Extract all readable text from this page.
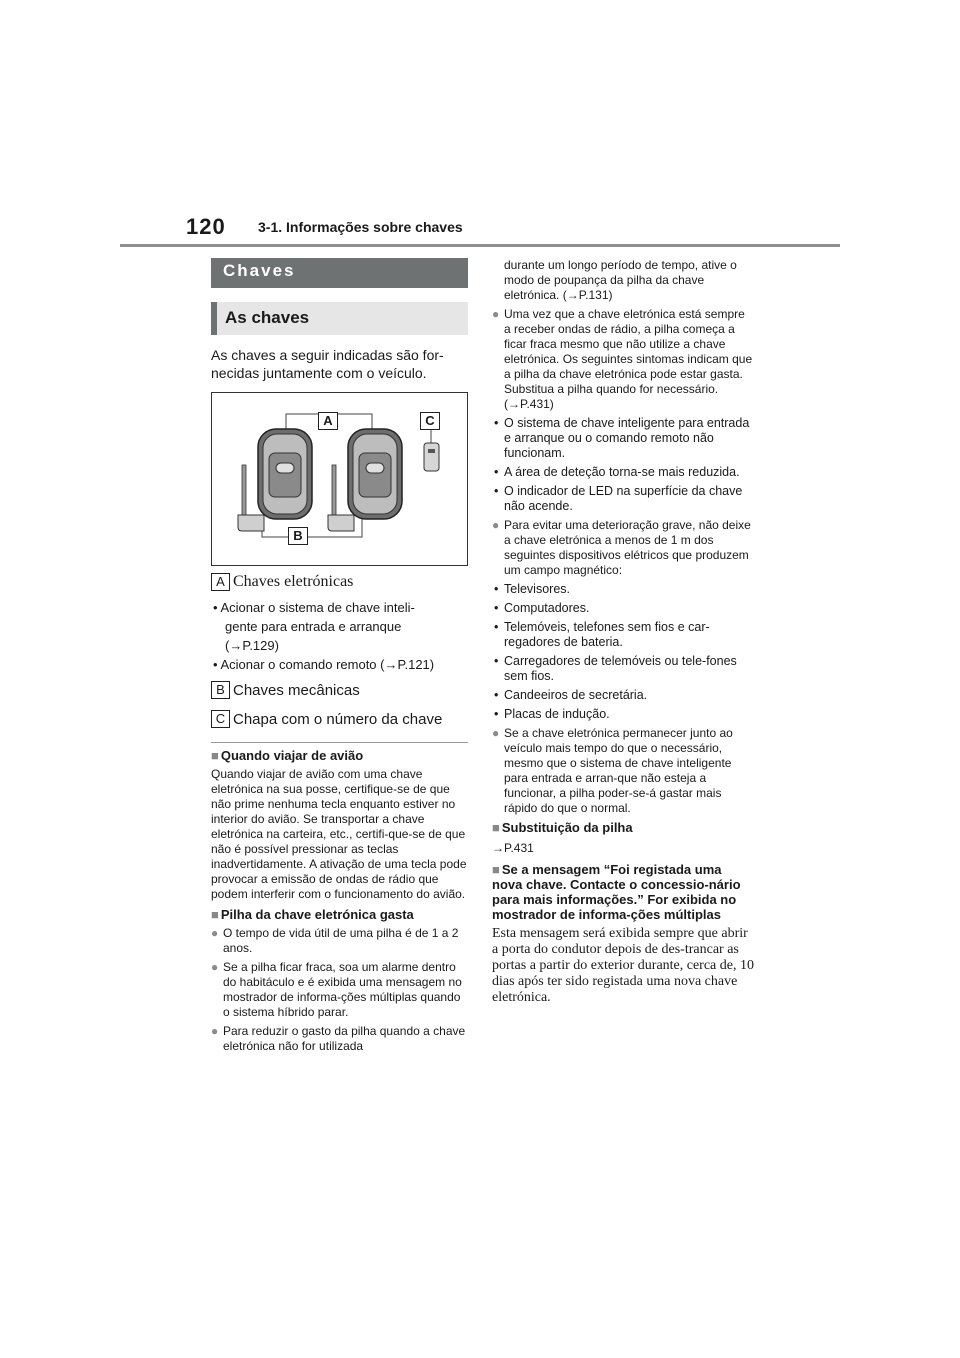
120 3-1. Informações sobre chaves
Chaves
As chaves
As chaves a seguir indicadas são fornecidas juntamente com o veículo.
A	C
B
A Chaves eletrónicas
• Acionar o sistema de chave inteli-
gente para entrada e arranque
(→P.129)
• Acionar o comando remoto (→P.121)
B Chaves mecânicas
C Chapa com o número da chave
■ Quando viajar de avião
Quando viajar de avião com uma chave eletrónica na sua posse, certifique-se de que não prime nenhuma tecla enquanto estiver no interior do avião. Se transportar a chave eletrónica na carteira, etc., certifi-que-se de que não é possível pressionar as teclas inadvertidamente. A ativação de uma tecla pode provocar a emissão de ondas de rádio que podem interferir com o funcionamento do avião.
■ Pilha da chave eletrónica gasta
● O tempo de vida útil de uma pilha é de 1 a 2 anos.
● Se a pilha ficar fraca, soa um alarme dentro do habitáculo e é exibida uma mensagem no mostrador de informa-ções múltiplas quando o sistema híbrido parar.
● Para reduzir o gasto da pilha quando a chave eletrónica não for utilizada
durante um longo período de tempo, ative o modo de poupança da pilha da chave eletrónica. (→P.131)
● Uma vez que a chave eletrónica está sempre a receber ondas de rádio, a pilha começa a ficar fraca mesmo que não utilize a chave eletrónica. Os seguintes sintomas indicam que a pilha da chave eletrónica pode estar gasta. Substitua a pilha quando for necessário. (→P.431)
• O sistema de chave inteligente para entrada e arranque ou o comando remoto não funcionam.
• A área de deteção torna-se mais reduzida.
• O indicador de LED na superfície da chave não acende.
● Para evitar uma deterioração grave, não deixe a chave eletrónica a menos de 1 m dos seguintes dispositivos elétricos que produzem um campo magnético:
• Televisores.
• Computadores.
• Telemóveis, telefones sem fios e car-regadores de bateria.
• Carregadores de telemóveis ou tele-fones sem fios.
• Candeeiros de secretária.
• Placas de indução.
● Se a chave eletrónica permanecer junto ao veículo mais tempo do que o necessário, mesmo que o sistema de chave inteligente para entrada e arran-que não esteja a funcionar, a pilha poder-se-á gastar mais rápido do que o normal.
■ Substituição da pilha
→P.431
■ Se a mensagem “Foi registada uma nova chave. Contacte o concessio-nário para mais informações.” For exibida no mostrador de informa-ções múltiplas
Esta mensagem será exibida sempre que abrir a porta do condutor depois de des-trancar as portas a partir do exterior durante, cerca de, 10 dias após ter sido registada uma nova chave eletrónica.
